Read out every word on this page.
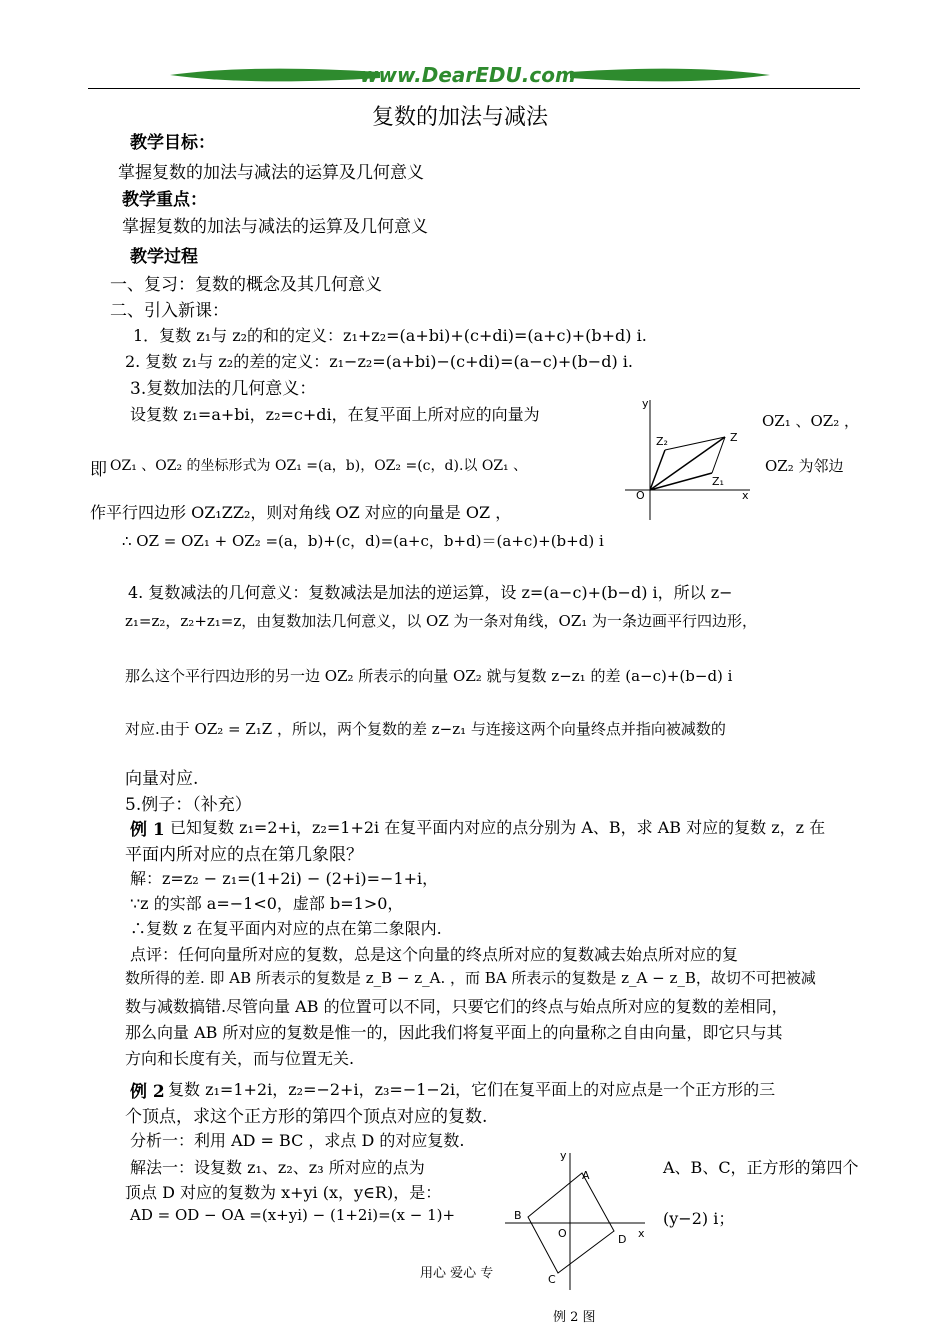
www.DearEDU.com
复数的加法与减法
教学目标：
掌握复数的加法与减法的运算及几何意义
教学重点：
掌握复数的加法与减法的运算及几何意义
教学过程
一、复习：复数的概念及其几何意义
二、引入新课：
1．复数 z₁与 z₂的和的定义：z₁+z₂=(a+bi)+(c+di)=(a+c)+(b+d) i.
2. 复数 z₁与 z₂的差的定义：z₁−z₂=(a+bi)−(c+di)=(a−c)+(b−d) i.
3.复数加法的几何意义：
设复数 z₁=a+bi，z₂=c+di，在复平面上所对应的向量为	OZ₁ 、OZ₂ ，
即 OZ₁ 、OZ₂ 的坐标形式为 OZ₁ =(a，b)，OZ₂ =(c，d).以 OZ₁ 、	OZ₂ 为邻边
作平行四边形 OZ₁ZZ₂，则对角线 OZ 对应的向量是 OZ ，
∴ OZ = OZ₁ + OZ₂ =(a，b)+(c，d)=(a+c，b+d)＝(a+c)+(b+d) i
y
x
O
Z
Z₂
Z₁
4. 复数减法的几何意义：复数减法是加法的逆运算，设 z=(a−c)+(b−d) i，所以 z−
z₁=z₂，z₂+z₁=z，由复数加法几何意义，以 OZ 为一条对角线，OZ₁ 为一条边画平行四边形，
那么这个平行四边形的另一边 OZ₂ 所表示的向量 OZ₂ 就与复数 z−z₁ 的差 (a−c)+(b−d) i
对应.由于 OZ₂ = Z₁Z ，所以，两个复数的差 z−z₁ 与连接这两个向量终点并指向被减数的
向量对应.
5.例子：（补充）
例 1 已知复数 z₁=2+i，z₂=1+2i 在复平面内对应的点分别为 A、B，求 AB 对应的复数 z，z 在
平面内所对应的点在第几象限？
解：z=z₂ − z₁=(1+2i) − (2+i)=−1+i，
∵z 的实部 a=−1<0，虚部 b=1>0，
∴复数 z 在复平面内对应的点在第二象限内.
点评：任何向量所对应的复数，总是这个向量的终点所对应的复数减去始点所对应的复
数所得的差. 即 AB 所表示的复数是 z_B − z_A. ，而 BA 所表示的复数是 z_A − z_B，故切不可把被减
数与减数搞错.尽管向量 AB 的位置可以不同，只要它们的终点与始点所对应的复数的差相同，
那么向量 AB 所对应的复数是惟一的，因此我们将复平面上的向量称之自由向量，即它只与其
方向和长度有关，而与位置无关.
例 2 复数 z₁=1+2i，z₂=−2+i，z₃=−1−2i，它们在复平面上的对应点是一个正方形的三
个顶点，求这个正方形的第四个顶点对应的复数.
分析一：利用 AD = BC ，求点 D 的对应复数.
解法一：设复数 z₁、z₂、z₃ 所对应的点为	A、B、C，正方形的第四个
顶点 D 对应的复数为 x+yi (x，y∈R)，是：
AD = OD − OA =(x+yi) − (1+2i)=(x − 1)+	(y−2) i；
y
x
O
A
B
C
D
用心 爱心 专
例 2 图
